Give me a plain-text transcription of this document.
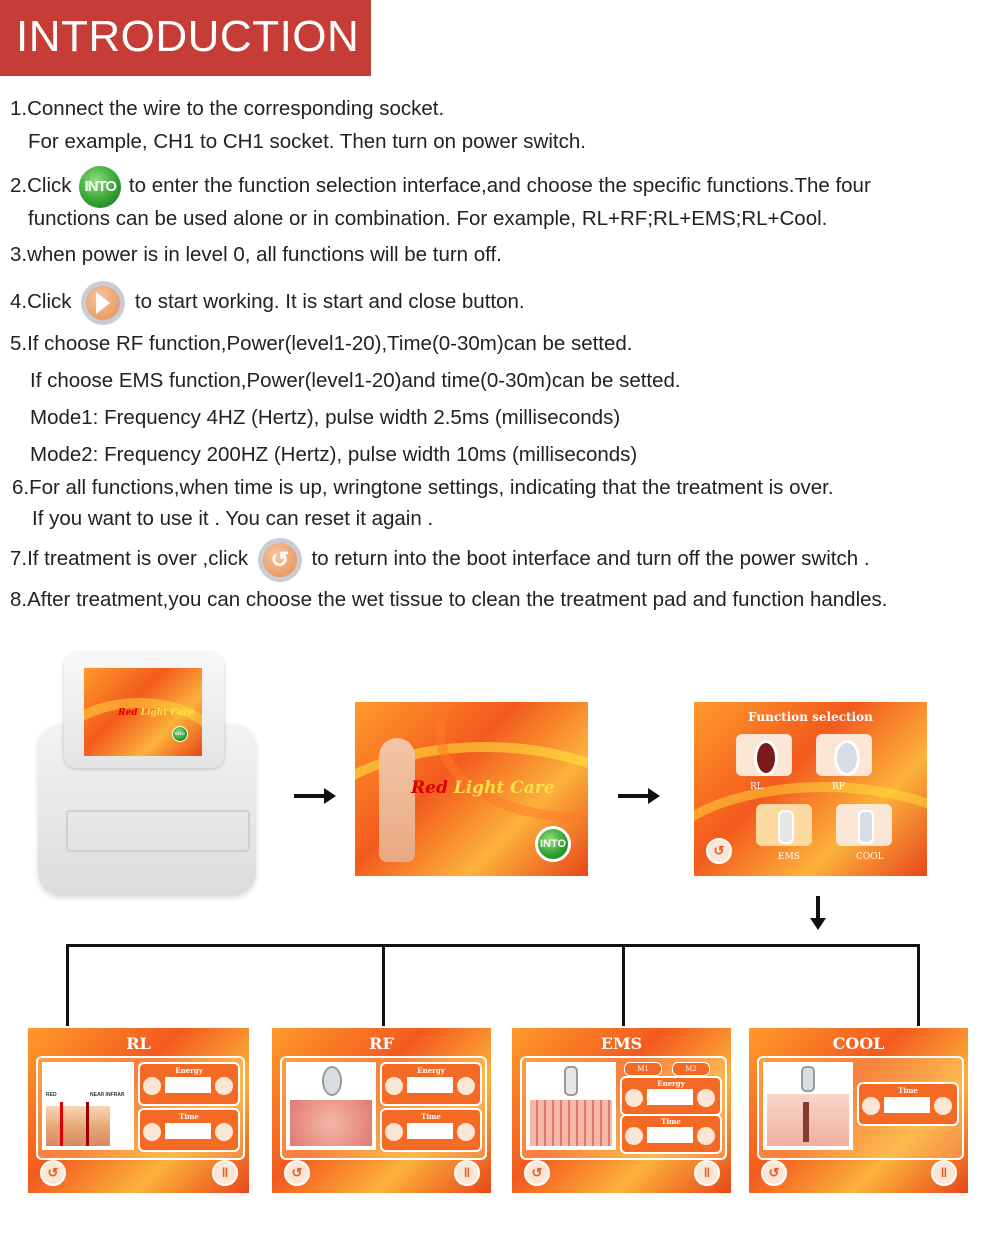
INTRODUCTION
1.Connect the wire to the corresponding socket.
For example, CH1 to CH1 socket. Then turn on power switch.
2.Click INTO to enter the function selection interface,and choose the specific functions.The four
functions can be used alone or in combination. For example, RL+RF;RL+EMS;RL+Cool.
3.when power is in level 0, all functions will be turn off.
4.Click	to start working. It is start and close button.
5.If choose RF function,Power(level1-20),Time(0-30m)can be setted.
If choose EMS function,Power(level1-20)and time(0-30m)can be setted.
Mode1: Frequency 4HZ (Hertz), pulse width 2.5ms (milliseconds)
Mode2: Frequency 200HZ (Hertz), pulse width 10ms (milliseconds)
6.For all functions,when time is up, wringtone settings, indicating that the treatment is over.
If you want to use it . You can reset it again .
7.If treatment is over ,click	↺	to return into the boot interface and turn off the power switch .
8.After treatment,you can choose the wet tissue to clean the treatment pad and function handles.
Red Light Care
INTO
Red Light Care
INTO
Function selection
RL	RF
EMS	COOL
↺
RL
RED	NEAR INFRAR
Energy
Time
↺	‖
RF
Energy
Time
↺	‖
EMS
M1	M2
Energy
Time
↺	‖
COOL
Time
↺	‖
